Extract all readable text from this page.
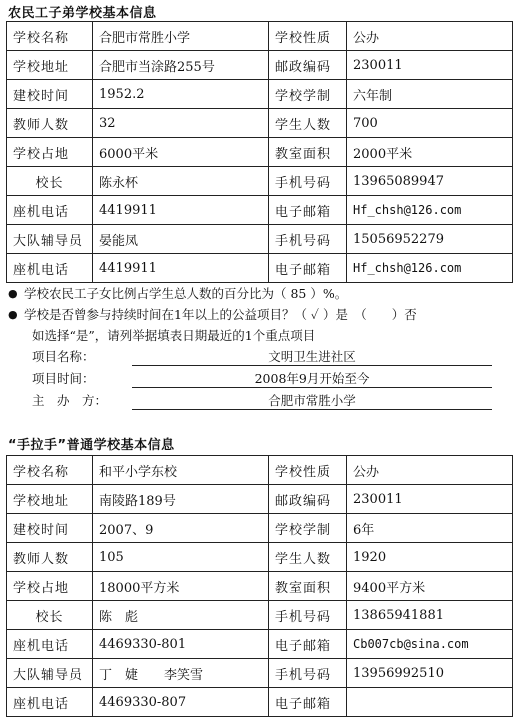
农民工子弟学校基本信息
学校名称	合肥市常胜小学	学校性质	公办
学校地址	合肥市当涂路255号	邮政编码	230011
建校时间	1952.2	学校学制	六年制
教师人数	32	学生人数	700
学校占地	6000平米	教室面积	2000平米
校长	陈永杯	手机号码	13965089947
座机电话	4419911	电子邮箱	Hf_chsh@126.com
大队辅导员	晏能凤	手机号码	15056952279
座机电话	4419911	电子邮箱	Hf_chsh@126.com
● 学校农民工子女比例占学生总人数的百分比为（ 85 ）%。
● 学校是否曾参与持续时间在1年以上的公益项目？（ ✓ ）是　（　　）否
如选择“是”，请列举据填表日期最近的1个重点项目
项目名称：	文明卫生进社区
项目时间：	2008年9月开始至今
主　办　方：	合肥市常胜小学
“手拉手”普通学校基本信息
学校名称	和平小学东校	学校性质	公办
学校地址	南陵路189号	邮政编码	230011
建校时间	2007、9	学校学制	6年
教师人数	105	学生人数	1920
学校占地	18000平方米	教室面积	9400平方米
校长	陈　彪	手机号码	13865941881
座机电话	4469330-801	电子邮箱	Cb007cb@sina.com
大队辅导员	丁　婕　　李笑雪	手机号码	13956992510
座机电话	4469330-807	电子邮箱	
